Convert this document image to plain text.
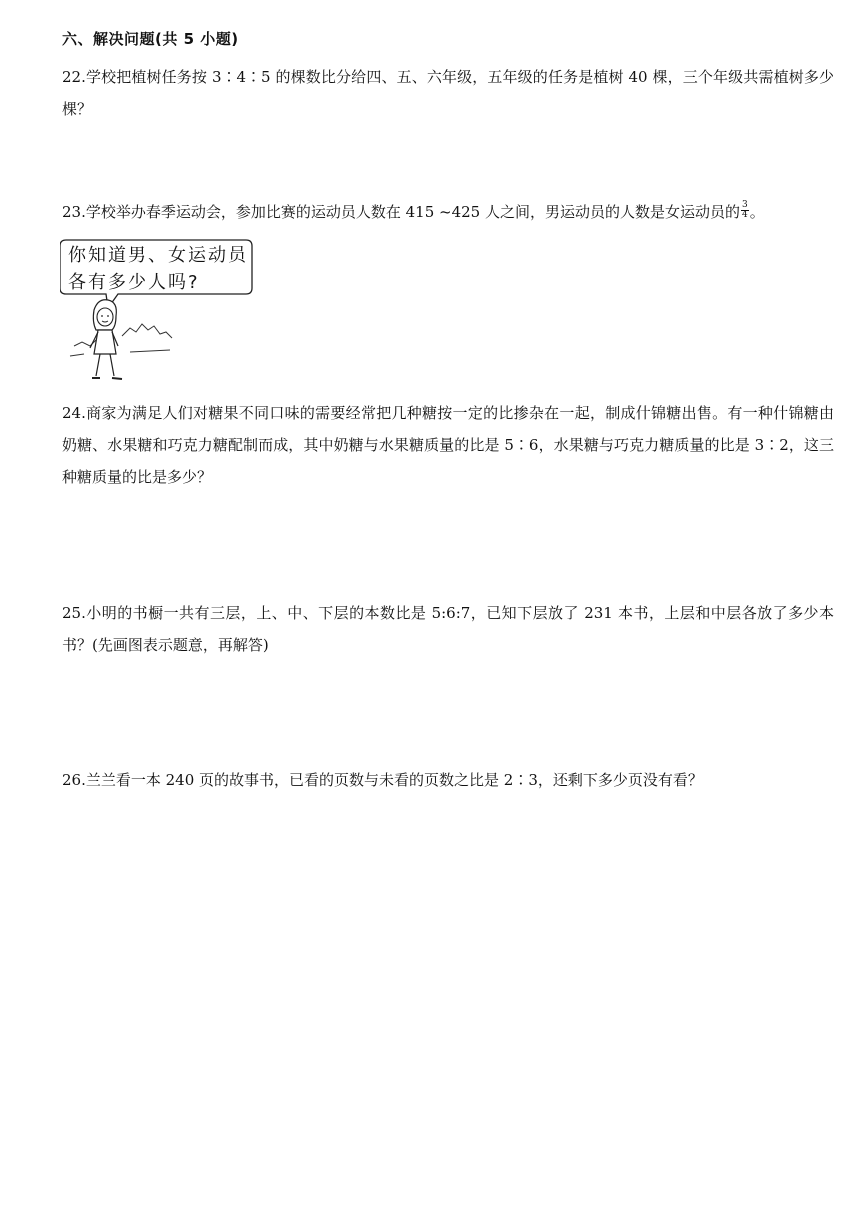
六、解决问题(共 5 小题)
22.学校把植树任务按 3∶4∶5 的棵数比分给四、五、六年级，五年级的任务是植树 40 棵，三个年级共需植树多少棵？
23.学校举办春季运动会，参加比赛的运动员人数在 415 ~425 人之间，男运动员的人数是女运动员的 $\frac{3}{4}$ 。
你知道男、女运动员
各有多少人吗?
24.商家为满足人们对糖果不同口味的需要经常把几种糖按一定的比掺杂在一起，制成什锦糖出售。有一种什锦糖由奶糖、水果糖和巧克力糖配制而成，其中奶糖与水果糖质量的比是 5∶6，水果糖与巧克力糖质量的比是 3∶2，这三种糖质量的比是多少？
25.小明的书橱一共有三层，上、中、下层的本数比是 5:6:7，已知下层放了 231 本书，上层和中层各放了多少本书？(先画图表示题意，再解答)
26.兰兰看一本 240 页的故事书，已看的页数与未看的页数之比是 2∶3，还剩下多少页没有看？
